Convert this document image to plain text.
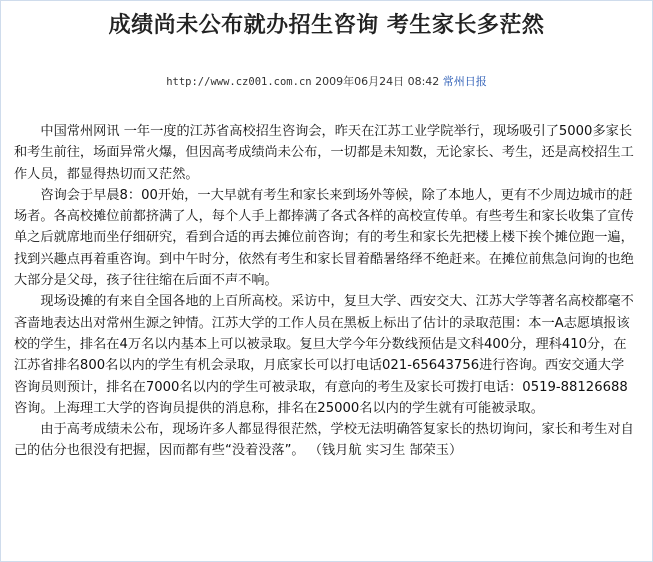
成绩尚未公布就办招生咨询 考生家长多茫然
http://www.cz001.com.cn 2009年06月24日 08:42 常州日报

中国常州网讯 一年一度的江苏省高校招生咨询会，昨天在江苏工业学院举行，现场吸引了5000多家长和考生前往，场面异常火爆，但因高考成绩尚未公布，一切都是未知数，无论家长、考生，还是高校招生工作人员，都显得热切而又茫然。

咨询会于早晨8：00开始，一大早就有考生和家长来到场外等候，除了本地人，更有不少周边城市的赶场者。各高校摊位前都挤满了人，每个人手上都捧满了各式各样的高校宣传单。有些考生和家长收集了宣传单之后就席地而坐仔细研究，看到合适的再去摊位前咨询；有的考生和家长先把楼上楼下挨个摊位跑一遍，找到兴趣点再着重咨询。到中午时分，依然有考生和家长冒着酷暑络绎不绝赶来。在摊位前焦急问询的也绝大部分是父母，孩子往往缩在后面不声不响。

现场设摊的有来自全国各地的上百所高校。采访中，复旦大学、西安交大、江苏大学等著名高校都毫不吝啬地表达出对常州生源之钟情。江苏大学的工作人员在黑板上标出了估计的录取范围：本一A志愿填报该校的学生，排名在4万名以内基本上可以被录取。复旦大学今年分数线预估是文科400分，理科410分，在江苏省排名800名以内的学生有机会录取，月底家长可以打电话021-65643756进行咨询。西安交通大学咨询员则预计，排名在7000名以内的学生可被录取，有意向的考生及家长可拨打电话：0519-88126688咨询。上海理工大学的咨询员提供的消息称，排名在25000名以内的学生就有可能被录取。

由于高考成绩未公布，现场许多人都显得很茫然，学校无法明确答复家长的热切询问，家长和考生对自己的估分也很没有把握，因而都有些“没着没落”。 （钱月航 实习生 郜荣玉）
